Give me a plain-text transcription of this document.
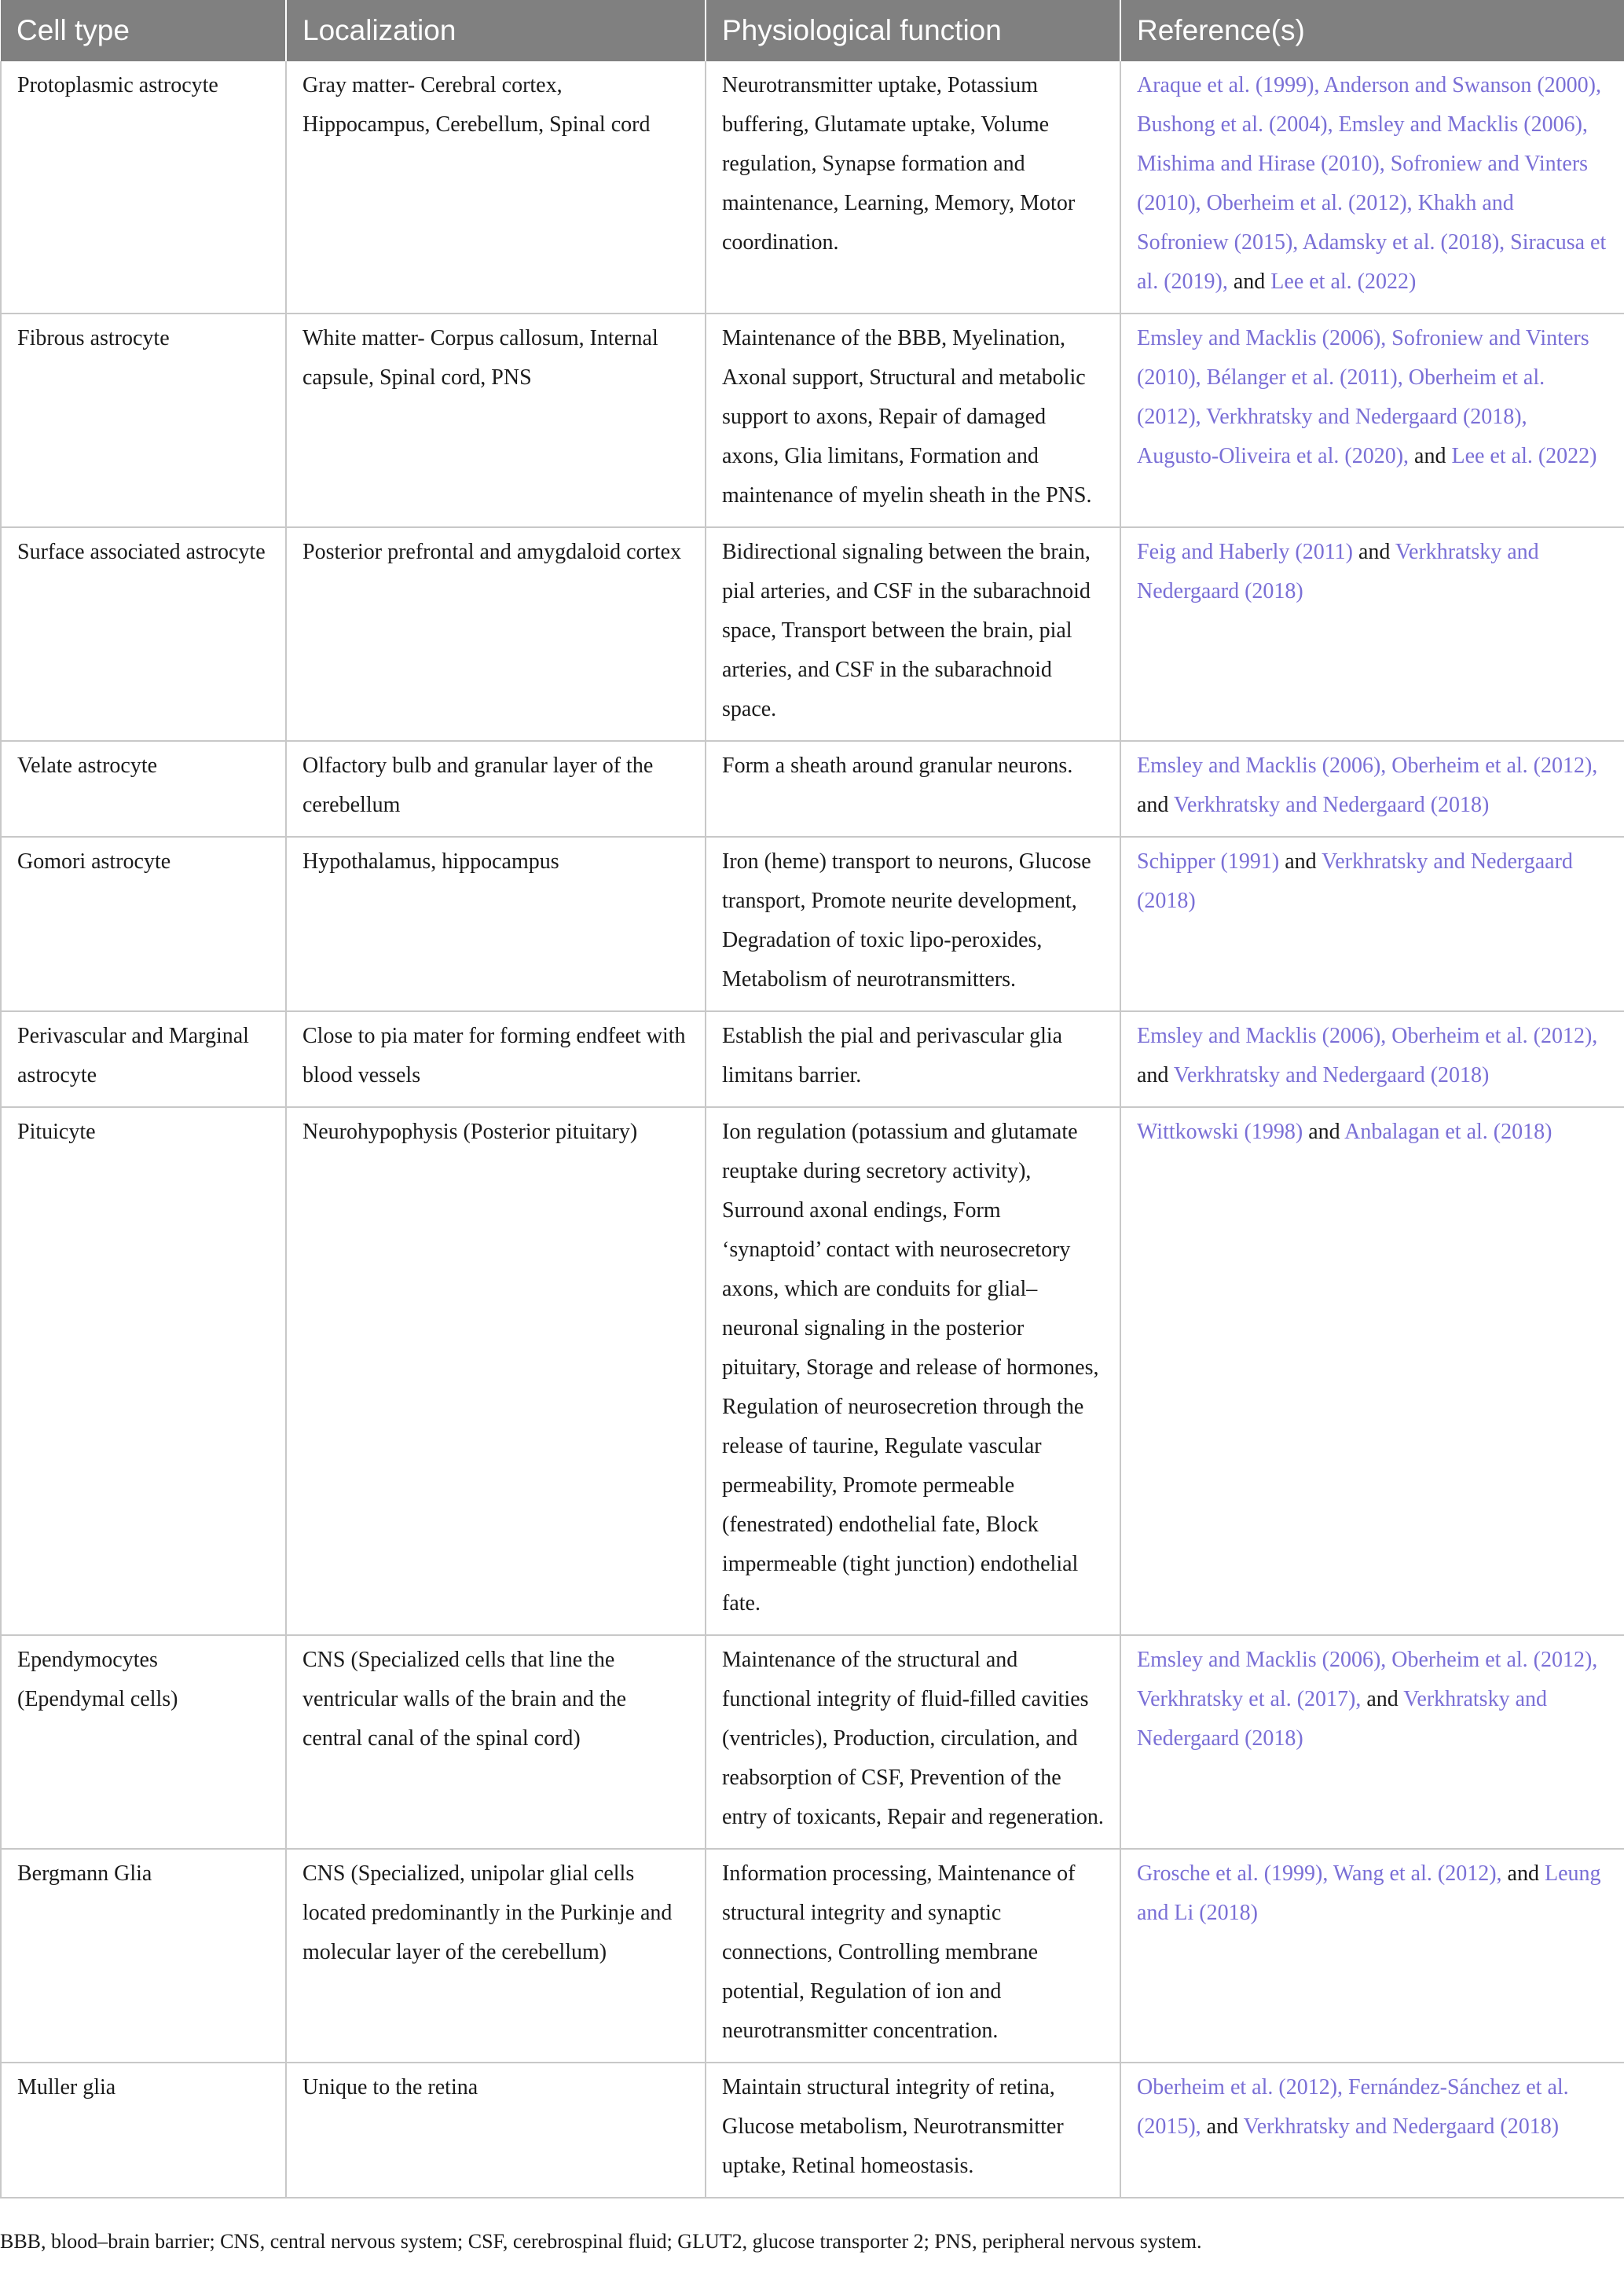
Cell type	Localization	Physiological function	Reference(s)
Protoplasmic astrocyte	Gray matter- Cerebral cortex, Hippocampus, Cerebellum, Spinal cord	Neurotransmitter uptake, Potassium buffering, Glutamate uptake, Volume regulation, Synapse formation and maintenance, Learning, Memory, Motor coordination.	Araque et al. (1999), Anderson and Swanson (2000), Bushong et al. (2004), Emsley and Macklis (2006), Mishima and Hirase (2010), Sofroniew and Vinters (2010), Oberheim et al. (2012), Khakh and Sofroniew (2015), Adamsky et al. (2018), Siracusa et al. (2019), and Lee et al. (2022)
Fibrous astrocyte	White matter- Corpus callosum, Internal capsule, Spinal cord, PNS	Maintenance of the BBB, Myelination, Axonal support, Structural and metabolic support to axons, Repair of damaged axons, Glia limitans, Formation and maintenance of myelin sheath in the PNS.	Emsley and Macklis (2006), Sofroniew and Vinters (2010), Bélanger et al. (2011), Oberheim et al. (2012), Verkhratsky and Nedergaard (2018), Augusto-Oliveira et al. (2020), and Lee et al. (2022)
Surface associated astrocyte	Posterior prefrontal and amygdaloid cortex	Bidirectional signaling between the brain, pial arteries, and CSF in the subarachnoid space, Transport between the brain, pial arteries, and CSF in the subarachnoid space.	Feig and Haberly (2011) and Verkhratsky and Nedergaard (2018)
Velate astrocyte	Olfactory bulb and granular layer of the cerebellum	Form a sheath around granular neurons.	Emsley and Macklis (2006), Oberheim et al. (2012), and Verkhratsky and Nedergaard (2018)
Gomori astrocyte	Hypothalamus, hippocampus	Iron (heme) transport to neurons, Glucose transport, Promote neurite development, Degradation of toxic lipo-peroxides, Metabolism of neurotransmitters.	Schipper (1991) and Verkhratsky and Nedergaard (2018)
Perivascular and Marginal astrocyte	Close to pia mater for forming endfeet with blood vessels	Establish the pial and perivascular glia limitans barrier.	Emsley and Macklis (2006), Oberheim et al. (2012), and Verkhratsky and Nedergaard (2018)
Pituicyte	Neurohypophysis (Posterior pituitary)	Ion regulation (potassium and glutamate reuptake during secretory activity), Surround axonal endings, Form ‘synaptoid’ contact with neurosecretory axons, which are conduits for glial–neuronal signaling in the posterior pituitary, Storage and release of hormones, Regulation of neurosecretion through the release of taurine, Regulate vascular permeability, Promote permeable (fenestrated) endothelial fate, Block impermeable (tight junction) endothelial fate.	Wittkowski (1998) and Anbalagan et al. (2018)
Ependymocytes (Ependymal cells)	CNS (Specialized cells that line the ventricular walls of the brain and the central canal of the spinal cord)	Maintenance of the structural and functional integrity of fluid-filled cavities (ventricles), Production, circulation, and reabsorption of CSF, Prevention of the entry of toxicants, Repair and regeneration.	Emsley and Macklis (2006), Oberheim et al. (2012), Verkhratsky et al. (2017), and Verkhratsky and Nedergaard (2018)
Bergmann Glia	CNS (Specialized, unipolar glial cells located predominantly in the Purkinje and molecular layer of the cerebellum)	Information processing, Maintenance of structural integrity and synaptic connections, Controlling membrane potential, Regulation of ion and neurotransmitter concentration.	Grosche et al. (1999), Wang et al. (2012), and Leung and Li (2018)
Muller glia	Unique to the retina	Maintain structural integrity of retina, Glucose metabolism, Neurotransmitter uptake, Retinal homeostasis.	Oberheim et al. (2012), Fernández-Sánchez et al. (2015), and Verkhratsky and Nedergaard (2018)
BBB, blood–brain barrier; CNS, central nervous system; CSF, cerebrospinal fluid; GLUT2, glucose transporter 2; PNS, peripheral nervous system.
